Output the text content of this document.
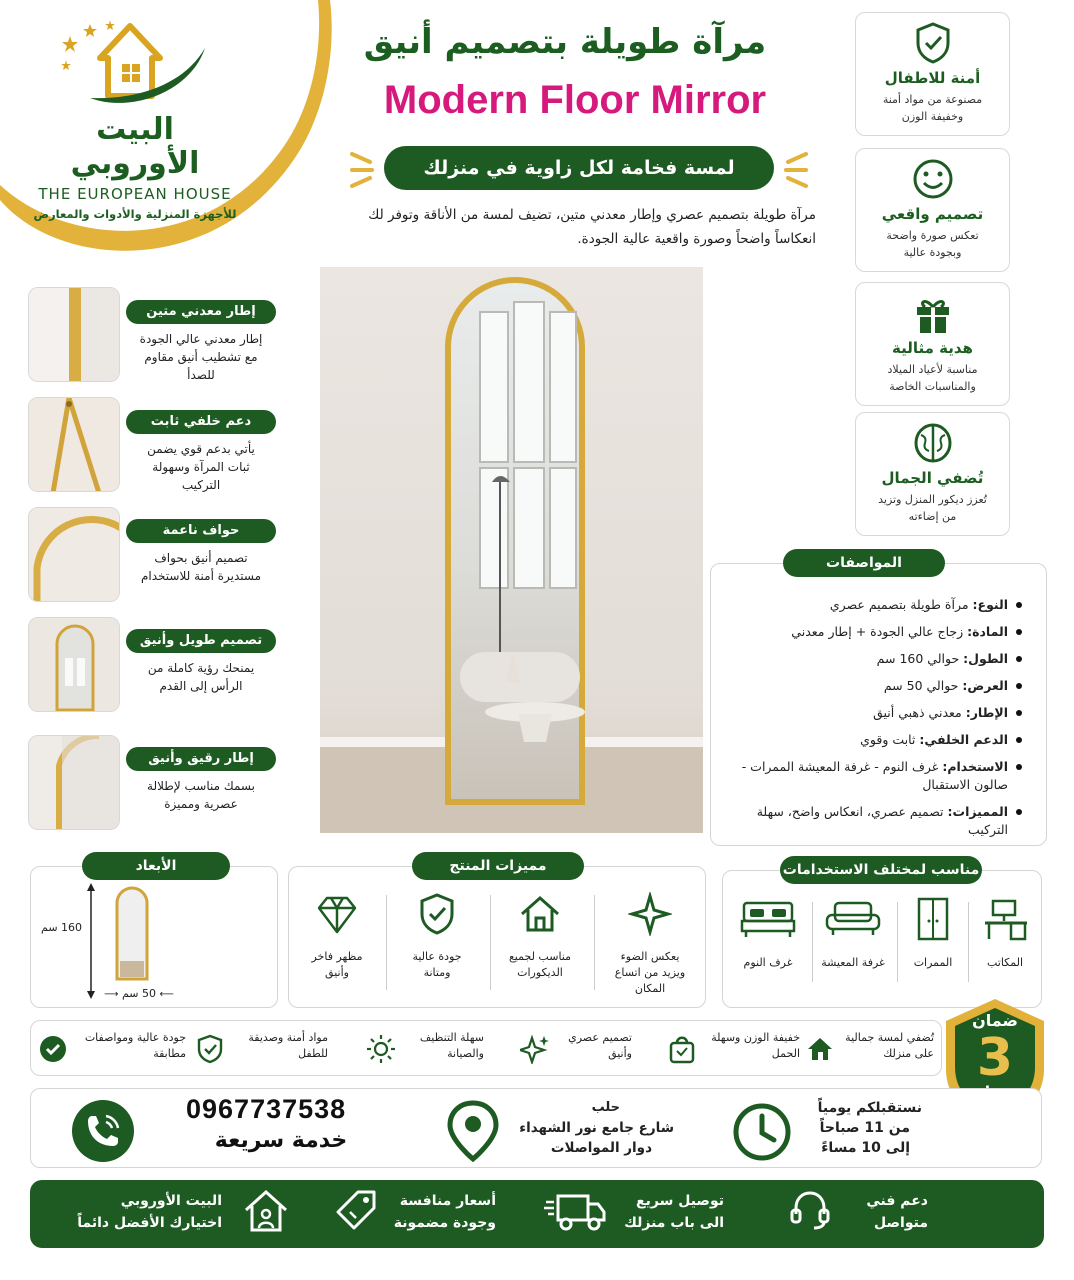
البيت الأوروبي
THE EUROPEAN HOUSE
للأجهزة المنزلية والأدوات والمعارض
مرآة طويلة بتصميم أنيق
Modern Floor Mirror
لمسة فخامة لكل زاوية في منزلك
مرآة طويلة بتصميم عصري وإطار معدني متين، تضيف لمسة من الأناقة وتوفر لك انعكاساً واضحاً وصورة واقعية عالية الجودة.
أمنة للاطفال
مصنوعة من مواد أمنة وخفيفة الوزن
تصميم واقعي
تعكس صورة واضحة وبجودة عالية
هدية مثالية
مناسبة لأعياد الميلاد والمناسبات الخاصة
تُضفي الجمال
تُعزز ديكور المنزل وتزيد من إضاءته
إطار معدني متين
إطار معدني عالي الجودة مع تشطيب أنيق مقاوم للصدأ
دعم خلفي ثابت
يأتي بدعم قوي يضمن ثبات المرآة وسهولة التركيب
حواف ناعمة
تصميم أنيق بحواف مستديرة أمنة للاستخدام
تصميم طويل وأنيق
يمنحك رؤية كاملة من الرأس إلى القدم
إطار رقيق وأنيق
بسمك مناسب لإطلالة عصرية ومميزة
النوع: مرآة طويلة بتصميم عصري
المادة: زجاج عالي الجودة + إطار معدني
الطول: حوالي 160 سم
العرض: حوالي 50 سم
الإطار: معدني ذهبي أنيق
الدعم الخلفي: ثابت وقوي
الاستخدام: غرف النوم - غرفة المعيشة الممرات - صالون الاستقبال
المميزات: تصميم عصري، انعكاس واضح، سهلة التركيب
المواصفات
160 سم
⟵ 50 سم ⟶
الأبعاد	مميزات المنتج
يعكس الضوء ويزيد من اتساع المكان
مناسب لجميع الديكورات
جودة عالية ومتانة
مظهر فاخر وأنيق
مناسب لمختلف الاستخدامات
المكاتب
الممرات
غرفة المعيشة
غرف النوم
تُضفي لمسة جمالية على منزلك
خفيفة الوزن وسهلة الحمل
تصميم عصري وأنيق
سهلة التنظيف والصيانة
مواد أمنة وصديقة للطفل
جودة عالية ومواصفات مطابقة
ضمان
3
نستقبلكم يومياً
من 11 صباحاً
إلى 10 مساءً
حلب
شارع جامع نور الشهداء
دوار المواصلات
0967737538
خدمة سريعة
دعم فني
متواصل
توصيل سريع
الى باب منزلك
أسعار منافسة
وجودة مضمونة
البيت الأوروبي
اختيارك الأفضل دائماً
